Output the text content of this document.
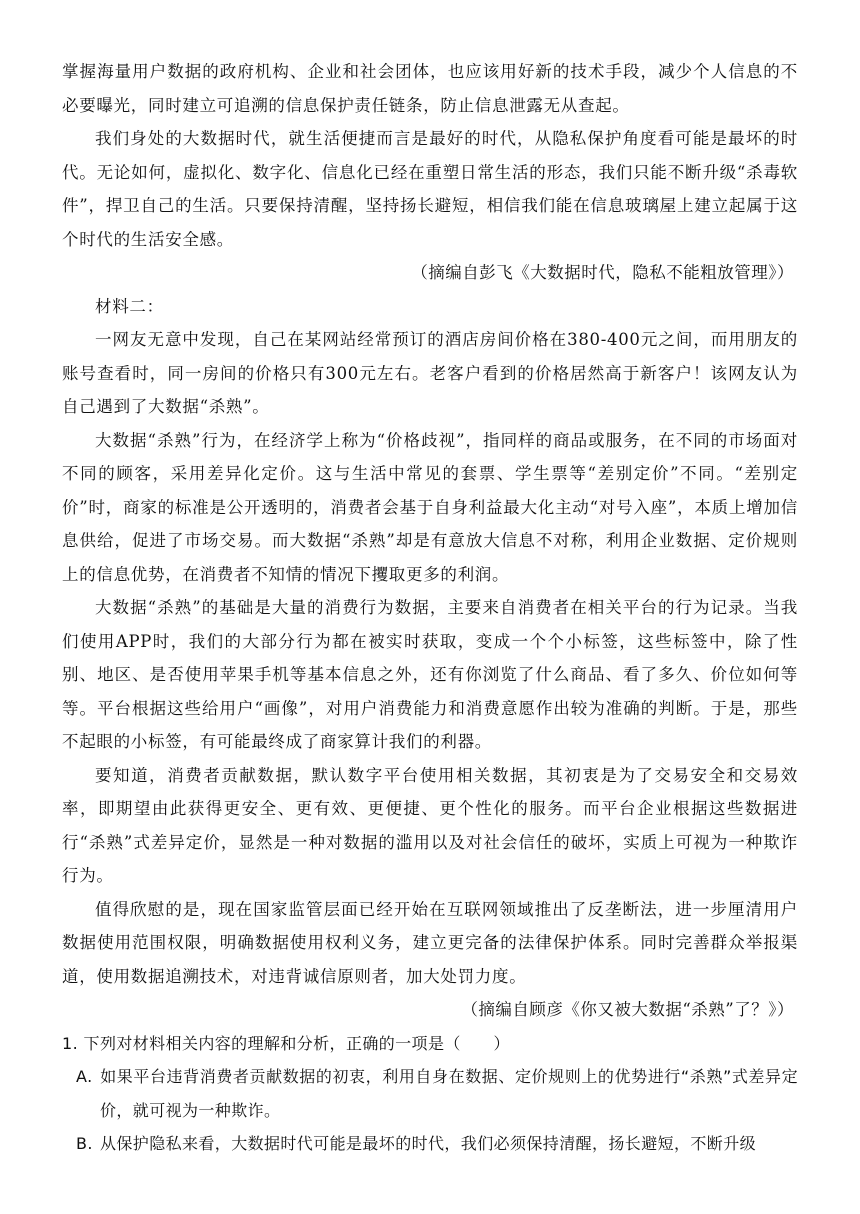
掌握海量用户数据的政府机构、企业和社会团体，也应该用好新的技术手段，减少个人信息的不必要曝光，同时建立可追溯的信息保护责任链条，防止信息泄露无从查起。

我们身处的大数据时代，就生活便捷而言是最好的时代，从隐私保护角度看可能是最坏的时代。无论如何，虚拟化、数字化、信息化已经在重塑日常生活的形态，我们只能不断升级“杀毒软件”，捍卫自己的生活。只要保持清醒，坚持扬长避短，相信我们能在信息玻璃屋上建立起属于这个时代的生活安全感。

（摘编自彭飞《大数据时代，隐私不能粗放管理》）

材料二：

一网友无意中发现，自己在某网站经常预订的酒店房间价格在380-400元之间，而用朋友的账号查看时，同一房间的价格只有300元左右。老客户看到的价格居然高于新客户！该网友认为自己遇到了大数据“杀熟”。

大数据“杀熟”行为，在经济学上称为“价格歧视”，指同样的商品或服务，在不同的市场面对不同的顾客，采用差异化定价。这与生活中常见的套票、学生票等“差别定价”不同。“差别定价”时，商家的标准是公开透明的，消费者会基于自身利益最大化主动“对号入座”，本质上增加信息供给，促进了市场交易。而大数据“杀熟”却是有意放大信息不对称，利用企业数据、定价规则上的信息优势，在消费者不知情的情况下攫取更多的利润。

大数据“杀熟”的基础是大量的消费行为数据，主要来自消费者在相关平台的行为记录。当我们使用APP时，我们的大部分行为都在被实时获取，变成一个个小标签，这些标签中，除了性别、地区、是否使用苹果手机等基本信息之外，还有你浏览了什么商品、看了多久、价位如何等等。平台根据这些给用户“画像”，对用户消费能力和消费意愿作出较为准确的判断。于是，那些不起眼的小标签，有可能最终成了商家算计我们的利器。

要知道，消费者贡献数据，默认数字平台使用相关数据，其初衷是为了交易安全和交易效率，即期望由此获得更安全、更有效、更便捷、更个性化的服务。而平台企业根据这些数据进行“杀熟”式差异定价，显然是一种对数据的滥用以及对社会信任的破坏，实质上可视为一种欺诈行为。

值得欣慰的是，现在国家监管层面已经开始在互联网领域推出了反垄断法，进一步厘清用户数据使用范围权限，明确数据使用权利义务，建立更完备的法律保护体系。同时完善群众举报渠道，使用数据追溯技术，对违背诚信原则者，加大处罚力度。

（摘编自顾彦《你又被大数据“杀熟”了？》）

1. 下列对材料相关内容的理解和分析，正确的一项是（　　）

A. 如果平台违背消费者贡献数据的初衷，利用自身在数据、定价规则上的优势进行“杀熟”式差异定价，就可视为一种欺诈。

B. 从保护隐私来看，大数据时代可能是最坏的时代，我们必须保持清醒，扬长避短，不断升级
